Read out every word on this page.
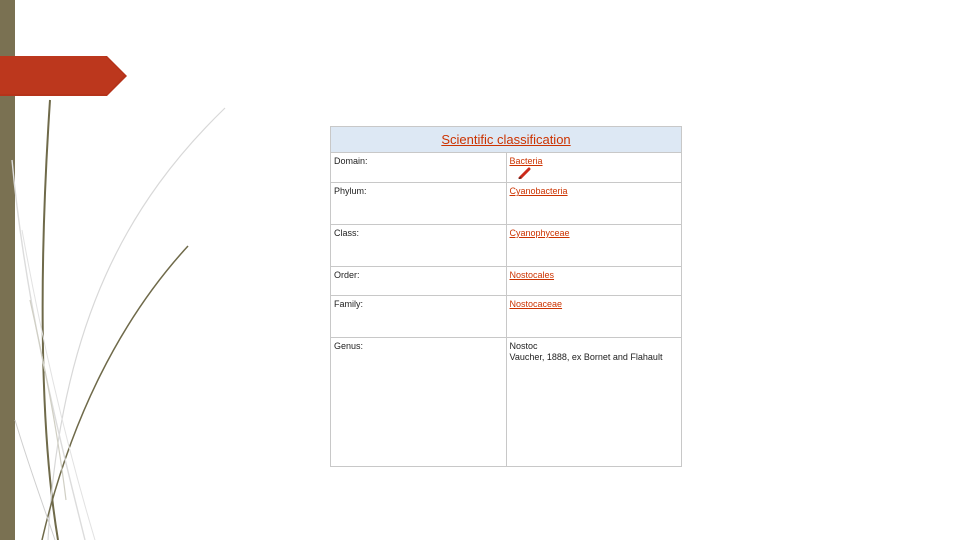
Scientific classification	
Domain:	Bacteria

Phylum:	Cyanobacteria
Class:	Cyanophyceae
Order:	Nostocales
Family:	Nostocaceae
Genus:	Nostoc
Vaucher, 1888, ex Bornet and Flahault
